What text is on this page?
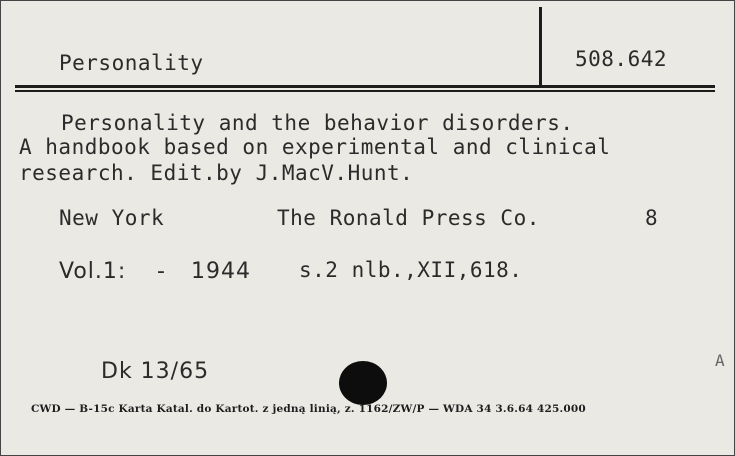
Personality	508.642
Personality and the behavior disorders.
A handbook based on experimental and clinical
research. Edit.by J.MacV.Hunt.
New York	The Ronald Press Co.	8
Vol.1: - 1944 s.2 nlb.,XII,618.
Dk 13/65	A
CWD — B-15c Karta Katal. do Kartot. z jedną linią, z. 1162/ZW/P — WDA 34 3.6.64 425.000
